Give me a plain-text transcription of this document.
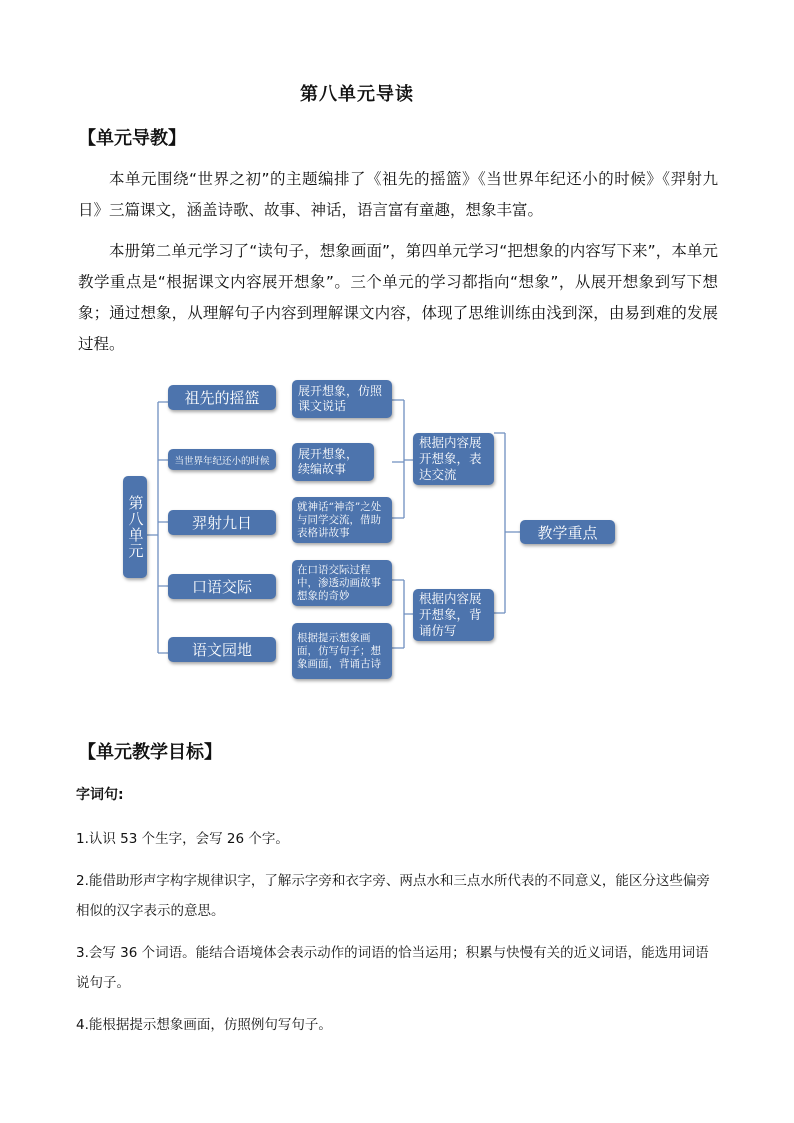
第八单元导读
【单元导教】
本单元围绕“世界之初”的主题编排了《祖先的摇篮》《当世界年纪还小的时候》《羿射九日》三篇课文，涵盖诗歌、故事、神话，语言富有童趣，想象丰富。
本册第二单元学习了“读句子，想象画面”，第四单元学习“把想象的内容写下来”，本单元教学重点是“根据课文内容展开想象”。三个单元的学习都指向“想象”，从展开想象到写下想象；通过想象，从理解句子内容到理解课文内容，体现了思维训练由浅到深，由易到难的发展过程。
第八单元
祖先的摇篮
当世界年纪还小的时候
羿射九日
口语交际
语文园地
展开想象，仿照课文说话
展开想象，续编故事
就神话“神奇”之处与同学交流，借助表格讲故事
在口语交际过程中，渗透动画故事想象的奇妙
根据提示想象画面，仿写句子；想象画面，背诵古诗
根据内容展开想象，表达交流
根据内容展开想象，背诵仿写
教学重点
【单元教学目标】
字词句:
1.认识 53 个生字，会写 26 个字。
2.能借助形声字构字规律识字，了解示字旁和衣字旁、两点水和三点水所代表的不同意义，能区分这些偏旁相似的汉字表示的意思。
3.会写 36 个词语。能结合语境体会表示动作的词语的恰当运用；积累与快慢有关的近义词语，能选用词语说句子。
4.能根据提示想象画面，仿照例句写句子。
